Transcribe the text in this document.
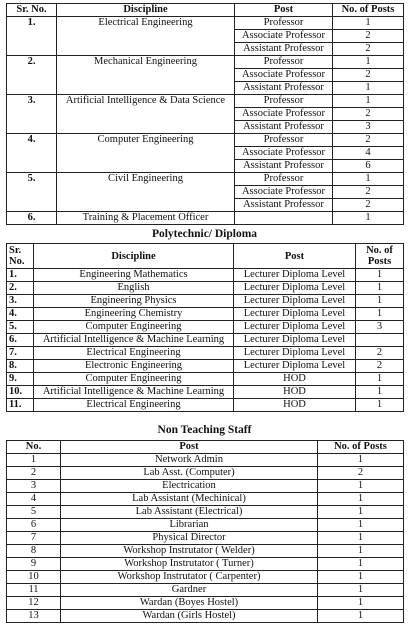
Sr. No.	Discipline	Post	No. of Posts
1.	Electrical Engineering	Professor	1
		Associate Professor	2
		Assistant Professor	2
2.	Mechanical Engineering	Professor	1
		Associate Professor	2
		Assistant Professor	1
3.	Artificial Intelligence & Data Science	Professor	1
		Associate Professor	2
		Assistant Professor	3
4.	Computer Engineering	Professor	2
		Associate Professor	4
		Assistant Professor	6
5.	Civil Engineering	Professor	1
		Associate Professor	2
		Assistant Professor	2
6.	Training & Placement Officer		1
Polytechnic/ Diploma
Sr. No.	Discipline	Post	No. of Posts
1.	Engineering Mathematics	Lecturer Diploma Level	1
2.	English	Lecturer Diploma Level	1
3.	Engineering Physics	Lecturer Diploma Level	1
4.	Engineering Chemistry	Lecturer Diploma Level	1
5.	Computer Engineering	Lecturer Diploma Level	3
6.	Artificial Intelligence & Machine Learning	Lecturer Diploma Level	
7.	Electrical Engineering	Lecturer Diploma Level	2
8.	Electronic Engineering	Lecturer Diploma Level	2
9.	Computer Engineering	HOD	1
10.	Artificial Intelligence & Machine Learning	HOD	1
11.	Electrical Engineering	HOD	1
Non Teaching Staff
No.	Post	No. of Posts
1	Network Admin	1
2	Lab Asst. (Computer)	2
3	Electrication	1
4	Lab Assistant (Mechinical)	1
5	Lab Assistant (Electrical)	1
6	Librarian	1
7	Physical Director	1
8	Workshop Instrutator ( Welder)	1
9	Workshop Instrutator ( Turner)	1
10	Workshop Instrutator ( Carpenter)	1
11	Gardner	1
12	Wardan (Boyes Hostel)	1
13	Wardan (Girls Hostel)	1
